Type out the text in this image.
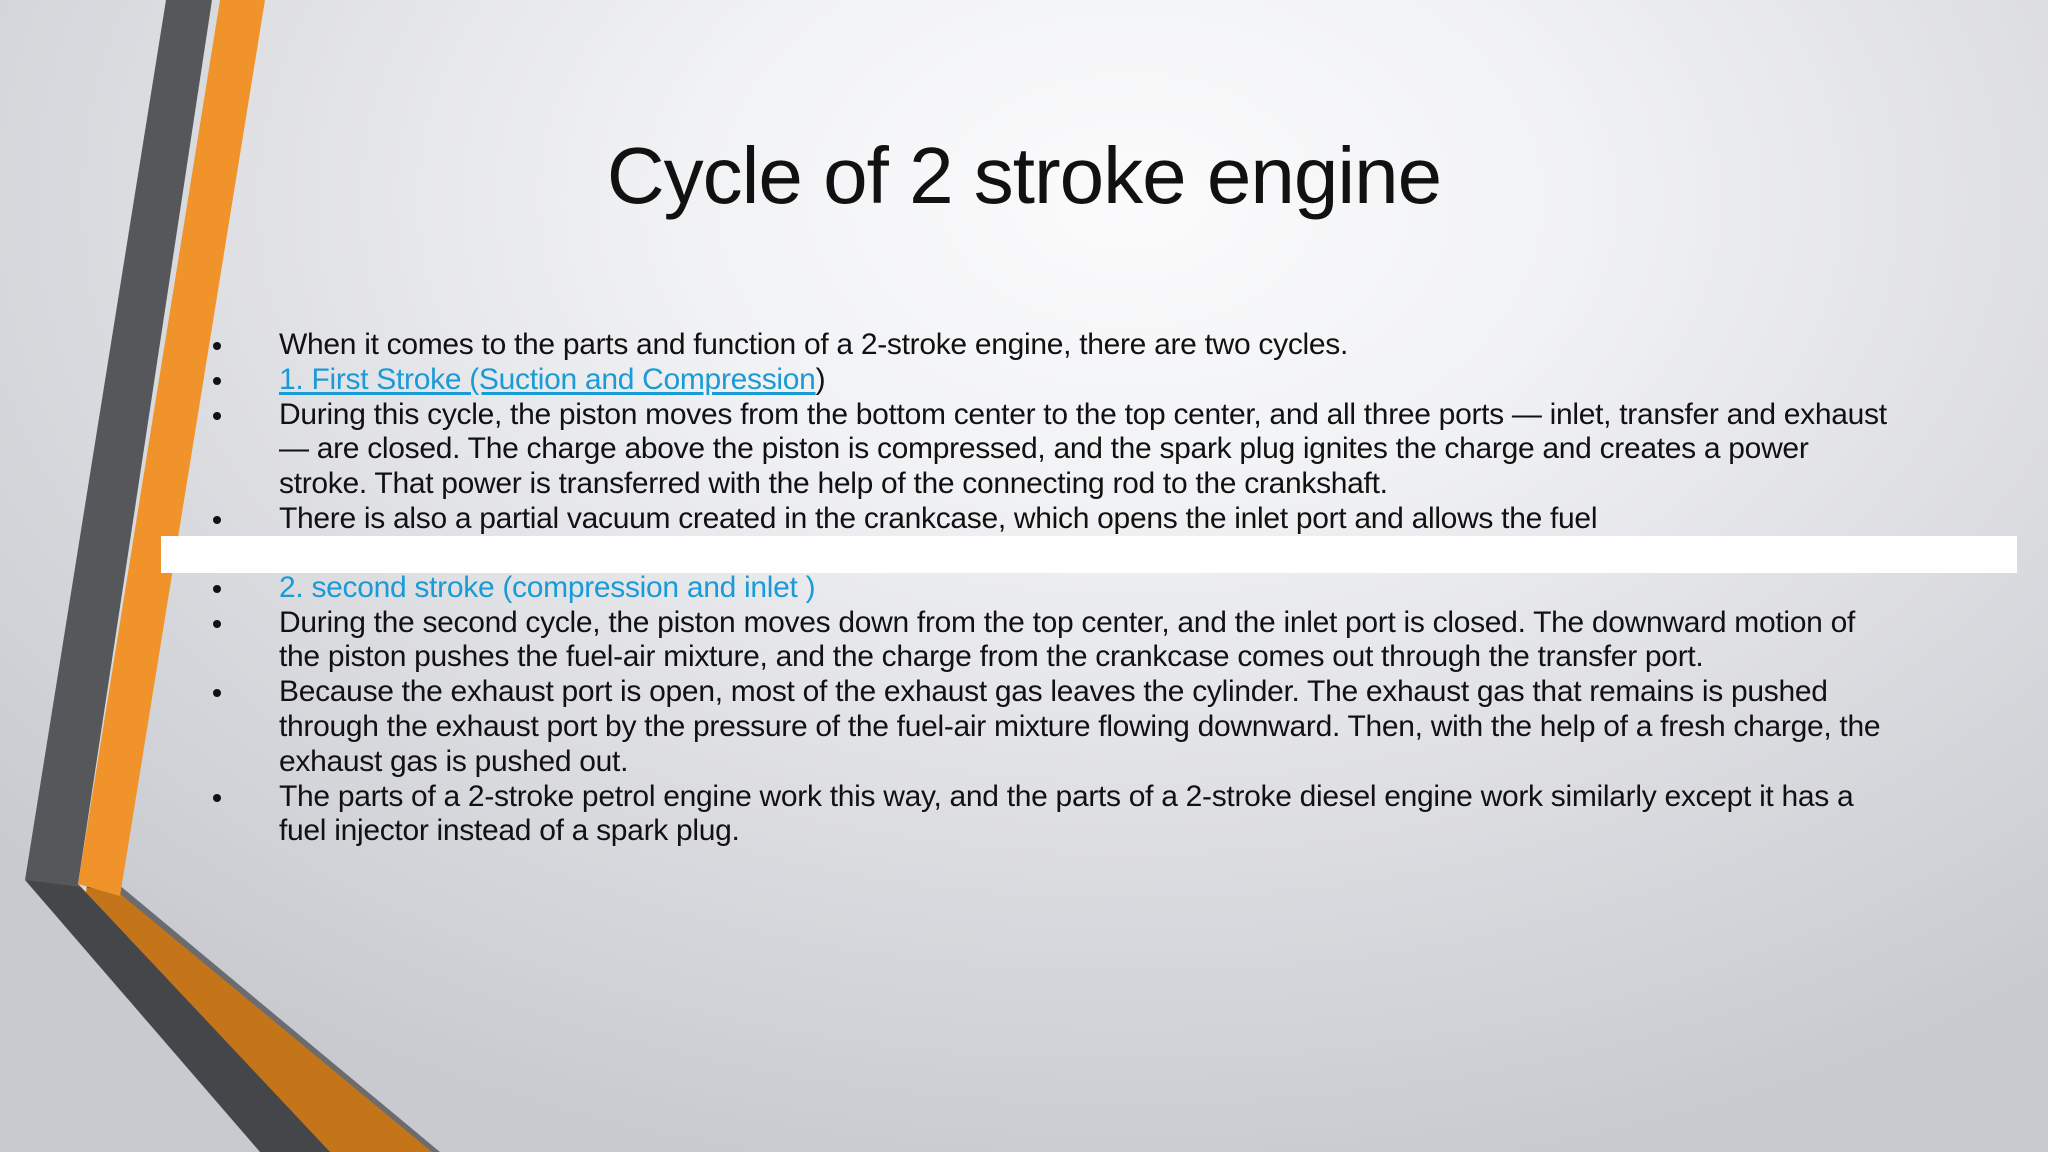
Cycle of 2 stroke engine
When it comes to the parts and function of a 2-stroke engine, there are two cycles.
1. First Stroke (Suction and Compression)
During this cycle, the piston moves from the bottom center to the top center, and all three ports — inlet, transfer and exhaust — are closed. The charge above the piston is compressed, and the spark plug ignites the charge and creates a power stroke. That power is transferred with the help of the connecting rod to the crankshaft.
There is also a partial vacuum created in the crankcase, which opens the inlet port and allows the fuel
2. second stroke (compression and inlet )
During the second cycle, the piston moves down from the top center, and the inlet port is closed. The downward motion of the piston pushes the fuel-air mixture, and the charge from the crankcase comes out through the transfer port.
Because the exhaust port is open, most of the exhaust gas leaves the cylinder. The exhaust gas that remains is pushed through the exhaust port by the pressure of the fuel-air mixture flowing downward. Then, with the help of a fresh charge, the exhaust gas is pushed out.
The parts of a 2-stroke petrol engine work this way, and the parts of a 2-stroke diesel engine work similarly except it has a fuel injector instead of a spark plug.
